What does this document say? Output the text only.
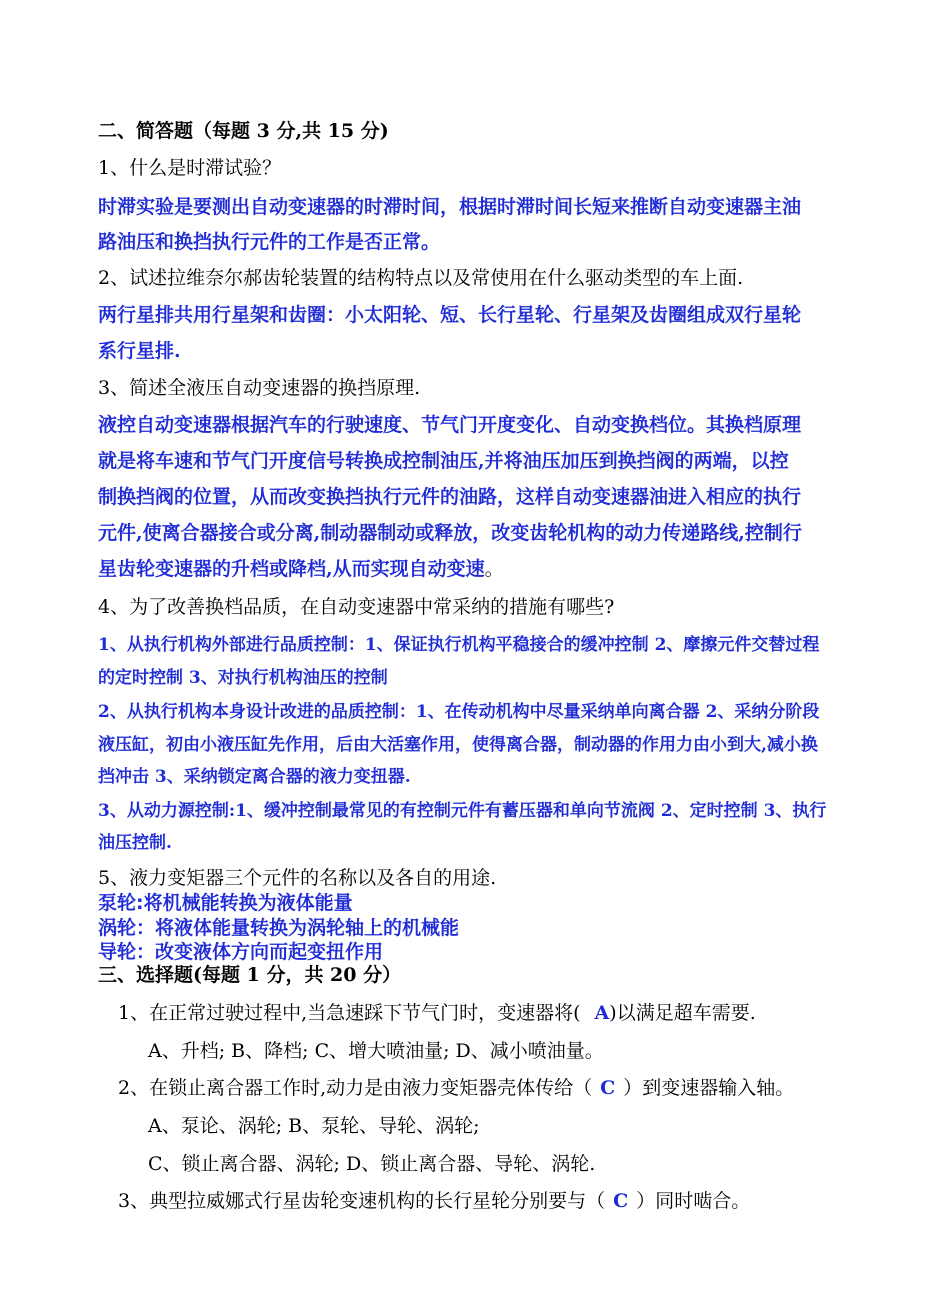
二、简答题（每题 3 分,共 15 分)
1、什么是时滞试验？
时滞实验是要测出自动变速器的时滞时间，根据时滞时间长短来推断自动变速器主油
路油压和换挡执行元件的工作是否正常。
2、试述拉维奈尔郝齿轮装置的结构特点以及常使用在什么驱动类型的车上面.
两行星排共用行星架和齿圈：小太阳轮、短、长行星轮、行星架及齿圈组成双行星轮
系行星排.
3、简述全液压自动变速器的换挡原理.
液控自动变速器根据汽车的行驶速度、节气门开度变化、自动变换档位。其换档原理
就是将车速和节气门开度信号转换成控制油压,并将油压加压到换挡阀的两端，以控
制换挡阀的位置，从而改变换挡执行元件的油路，这样自动变速器油进入相应的执行
元件,使离合器接合或分离,制动器制动或释放，改变齿轮机构的动力传递路线,控制行
星齿轮变速器的升档或降档,从而实现自动变速。
4、为了改善换档品质，在自动变速器中常采纳的措施有哪些?
1、从执行机构外部进行品质控制：1、保证执行机构平稳接合的缓冲控制 2、摩擦元件交替过程
的定时控制 3、对执行机构油压的控制
2、从执行机构本身设计改进的品质控制：1、在传动机构中尽量采纳单向离合器 2、采纳分阶段
液压缸，初由小液压缸先作用，后由大活塞作用，使得离合器，制动器的作用力由小到大,减小换
挡冲击 3、采纳锁定离合器的液力变扭器.
3、从动力源控制:1、缓冲控制最常见的有控制元件有蓄压器和单向节流阀 2、定时控制 3、执行
油压控制.
5、液力变矩器三个元件的名称以及各自的用途.
泵轮:将机械能转换为液体能量
涡轮：将液体能量转换为涡轮轴上的机械能
导轮：改变液体方向而起变扭作用
三、选择题(每题 1 分，共 20 分）
1、在正常过驶过程中,当急速踩下节气门时，变速器将( A)以满足超车需要.
A、升档; B、降档; C、增大喷油量; D、减小喷油量。
2、在锁止离合器工作时,动力是由液力变矩器壳体传给（ C ）到变速器输入轴。
A、泵论、涡轮; B、泵轮、导轮、涡轮;
C、锁止离合器、涡轮; D、锁止离合器、导轮、涡轮.
3、典型拉威娜式行星齿轮变速机构的长行星轮分别要与（ C ）同时啮合。
